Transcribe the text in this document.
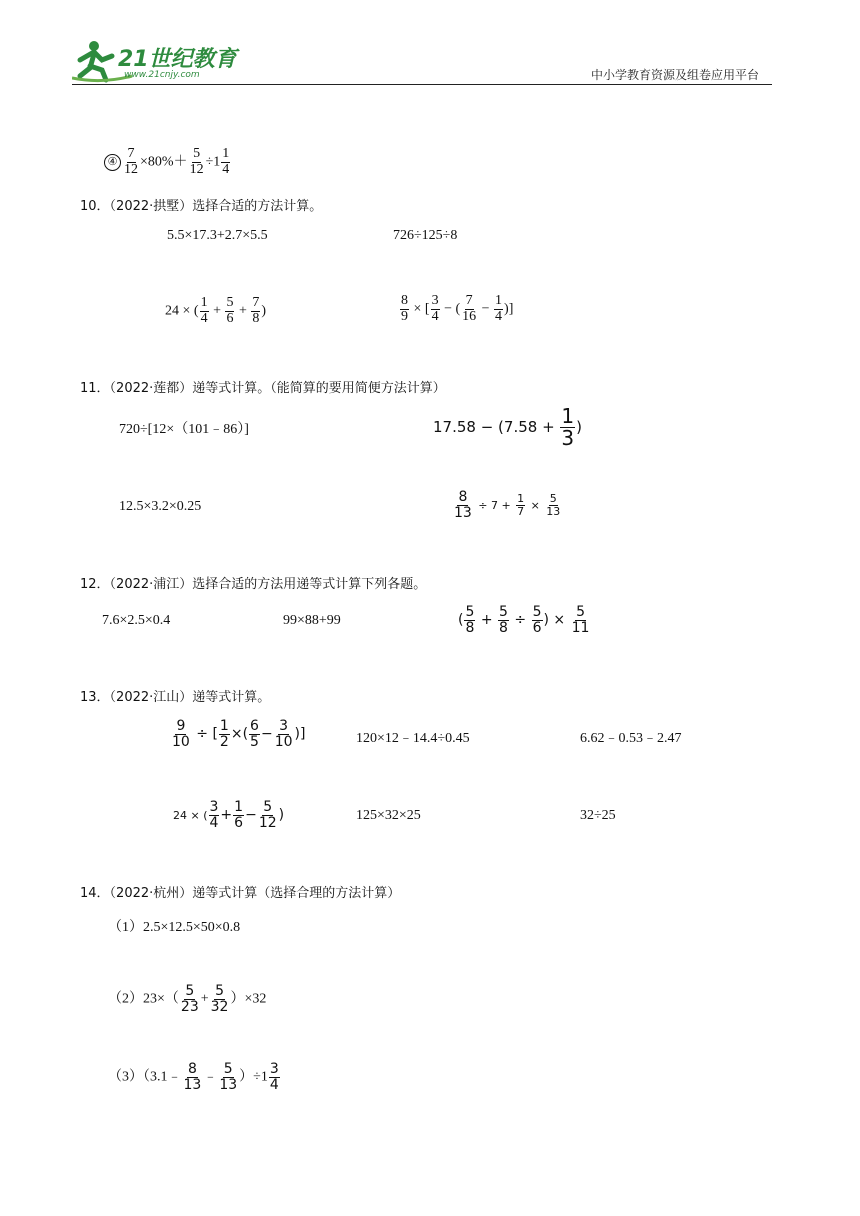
21世纪教育
www.21cnjy.com	中小学教育资源及组卷应用平台
④ $\frac{7}{12} \times 80\%+ \frac{5}{12} \div 1 \frac{1}{4}$
10．（2022·拱墅）选择合适的方法计算。
5.5×17.3+2.7×5.5	726÷125÷8
24 × ( $\frac{1}{4} + \frac{5}{6} + \frac{7}{8}$ )	$\frac{8}{9}$ × [ $\frac{3}{4}$ − ( $\frac{7}{16} - \frac{1}{4}$ )]
11．（2022·莲都）递等式计算。（能简算的要用简便方法计算）
720÷[12×（101﹣86）]	$17.58 - (7.58 + \frac{1}{3}$ )
12.5×3.2×0.25	$\frac{8}{13} \div 7 + \frac{1}{7} \times \frac{5}{13}$
12．（2022·浦江）选择合适的方法用递等式计算下列各题。
7.6×2.5×0.4	99×88+99	( $\frac{5}{8} + \frac{5}{8} \div \frac{5}{6}$ ) × $\frac{5}{11}$
13．（2022·江山）递等式计算。
$\frac{9}{10}$ ÷ [ $\frac{1}{2}$ ×( $\frac{6}{5} - \frac{3}{10}$ )]	120×12﹣14.4÷0.45	6.62﹣0.53﹣2.47
24 × ( $\frac{3}{4} + \frac{1}{6} - \frac{5}{12}$ )	125×32×25	32÷25
14．（2022·杭州）递等式计算（选择合理的方法计算）
（1）2.5×12.5×50×0.8
$(2)23\times( \frac{5}{23} + \frac{5}{32} )\times 32$
（3）（3.1﹣ $\frac{8}{13}$ ﹣ $\frac{5}{13} )\div 1 \frac{3}{4}$
